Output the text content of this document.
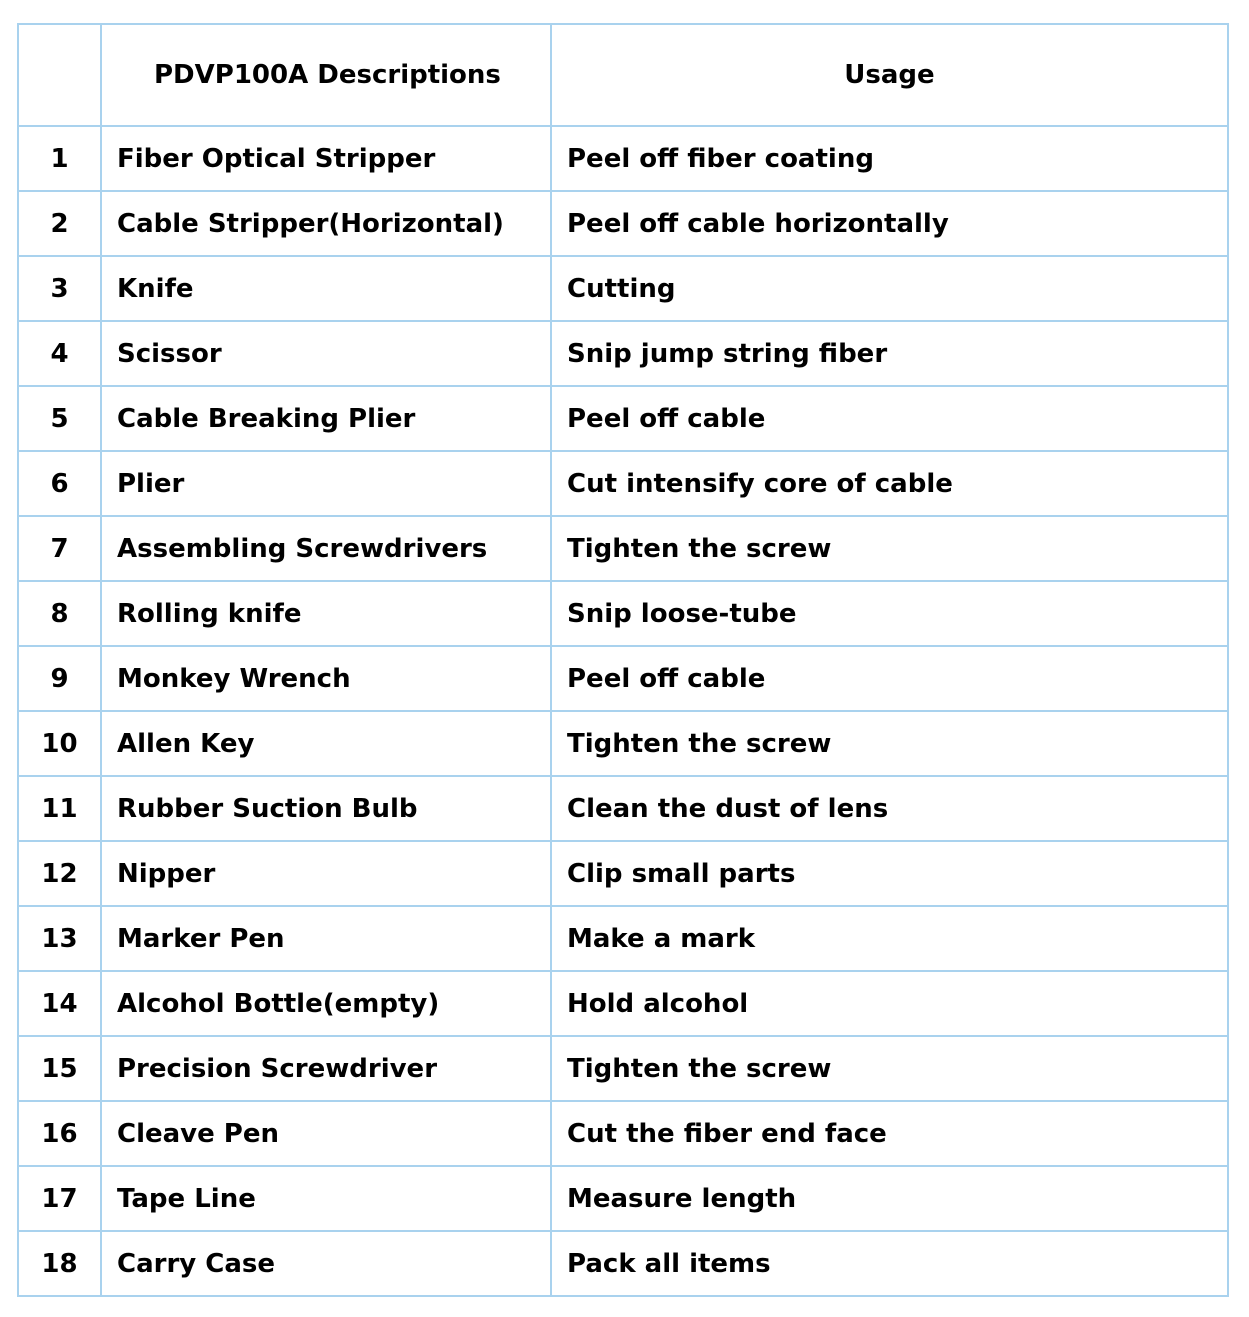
	PDVP100A Descriptions	Usage
1	Fiber Optical Stripper	Peel off fiber coating
2	Cable Stripper(Horizontal)	Peel off cable horizontally
3	Knife	Cutting
4	Scissor	Snip jump string fiber
5	Cable Breaking Plier	Peel off cable
6	Plier	Cut intensify core of cable
7	Assembling Screwdrivers	Tighten the screw
8	Rolling knife	Snip loose-tube
9	Monkey Wrench	Peel off cable
10	Allen Key	Tighten the screw
11	Rubber Suction Bulb	Clean the dust of lens
12	Nipper	Clip small parts
13	Marker Pen	Make a mark
14	Alcohol Bottle(empty)	Hold alcohol
15	Precision Screwdriver	Tighten the screw
16	Cleave Pen	Cut the fiber end face
17	Tape Line	Measure length
18	Carry Case	Pack all items
